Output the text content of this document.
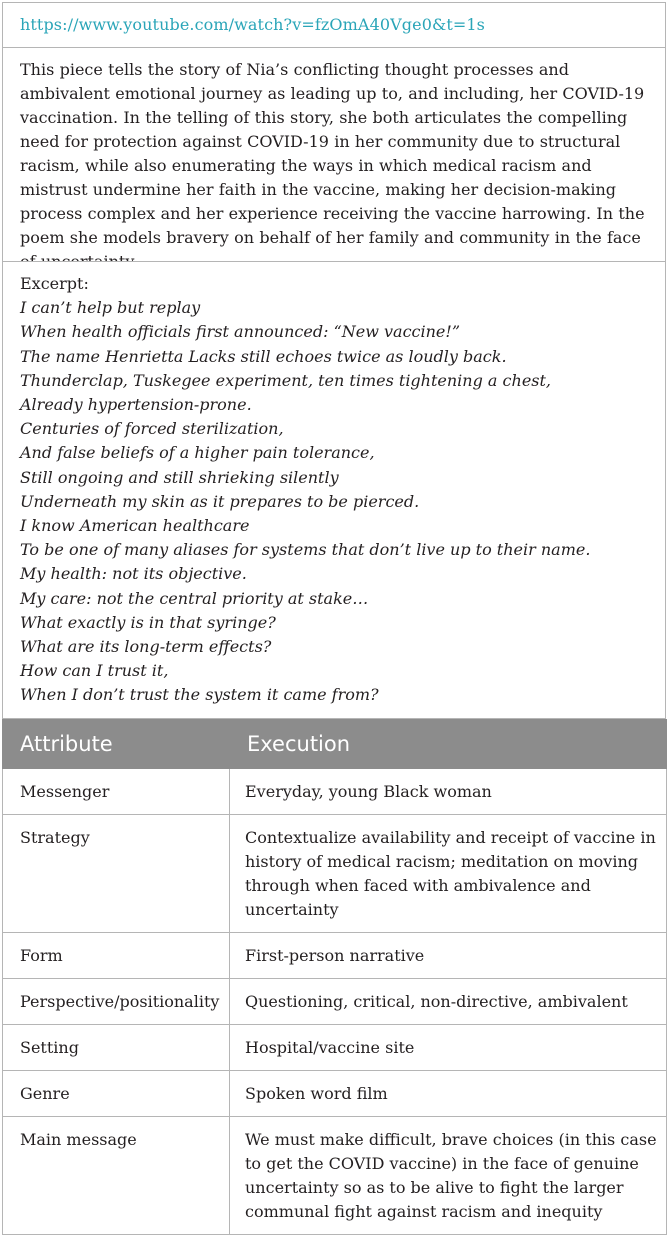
https://www.youtube.com/watch?v=fzOmA40Vge0&t=1s
This piece tells the story of Nia’s conflicting thought processes and ambivalent emotional journey as leading up to, and including, her COVID-19 vaccination. In the telling of this story, she both articulates the compelling need for protection against COVID-19 in her community due to structural racism, while also enumerating the ways in which medical racism and mistrust undermine her faith in the vaccine, making her decision-making process complex and her experience receiving the vaccine harrowing. In the poem she models bravery on behalf of her family and community in the face
Excerpt:
I can’t help but replay
When health officials first announced: “New vaccine!”
The name Henrietta Lacks still echoes twice as loudly back.
Thunderclap, Tuskegee experiment, ten times tightening a chest,
Already hypertension-prone.
Centuries of forced sterilization,
And false beliefs of a higher pain tolerance,
Still ongoing and still shrieking silently
Underneath my skin as it prepares to be pierced.
I know American healthcare
To be one of many aliases for systems that don’t live up to their name.
My health: not its objective.
My care: not the central priority at stake…
What exactly is in that syringe?
What are its long-term effects?
How can I trust it,
When I don’t trust the system it came from?
Attribute	Execution
Messenger	Everyday, young Black woman
Strategy	Contextualize availability and receipt of vaccine in history of medical racism; meditation on moving through when faced with ambivalence and uncertainty
Form	First-person narrative
Perspective/positionality	Questioning, critical, non-directive, ambivalent
Setting	Hospital/vaccine site
Genre	Spoken word film
Main message	We must make difficult, brave choices (in this case to get the COVID vaccine) in the face of genuine uncertainty so as to be alive to fight the larger communal fight against racism and inequity
